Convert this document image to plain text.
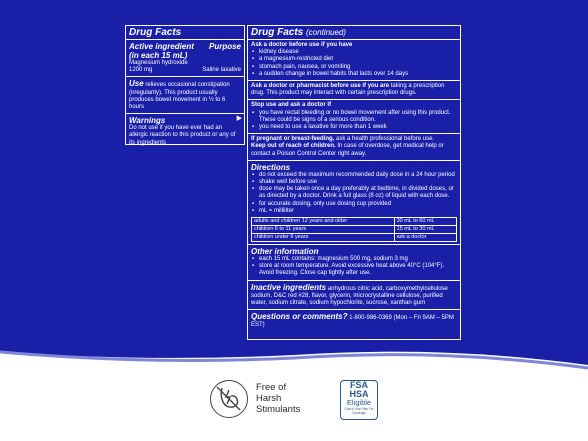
Drug Facts
Active ingredient Purpose
(in each 15 mL)
Magnesium hydroxide
1200 mg	Saline laxative
Use relieves occasional constipation (irregularity). This product usually produces bowel movement in ½ to 6 hours
Warnings	▶
Do not use if you have ever had an allergic reaction to this product or any of its ingredients
Drug Facts (continued)
Ask a doctor before use if you have
▪ kidney disease
▪ a magnesium-restricted diet
▪ stomach pain, nausea, or vomiting
▪ a sudden change in bowel habits that lasts over 14 days
Ask a doctor or pharmacist before use if you are taking a prescription drug. This product may interact with certain prescription drugs.
Stop use and ask a doctor if
▪ you have rectal bleeding or no bowel movement after using this product. These could be signs of a serious condition.
▪ you need to use a laxative for more than 1 week
If pregnant or breast-feeding, ask a health professional before use.
Keep out of reach of children. In case of overdose, get medical help or contact a Poison Control Center right away.
Directions
▪ do not exceed the maximum recommended daily dose in a 24 hour period
▪ shake well before use
▪ dose may be taken once a day preferably at bedtime, in divided doses, or as directed by a doctor. Drink a full glass (8 oz) of liquid with each dose.
▪ for accurate dosing, only use dosing cup provided
▪ mL = milliliter
adults and children 12 years and older	30 mL to 60 mL
children 6 to 11 years	15 mL to 30 mL
children under 6 years	ask a doctor
Other information
▪ each 15 mL contains: magnesium 500 mg, sodium 3 mg
▪ store at room temperature. Avoid excessive heat above 40°C (104°F). Avoid freezing. Close cap tightly after use.
Inactive ingredients anhydrous citric acid, carboxymethylcellulose sodium, D&C red #28, flavor, glycerin, microcrystalline cellulose, purified water, sodium citrate, sodium hypochlorite, sucrose, xanthan gum
Questions or comments? 1-800-986-0369 (Mon – Fri 9AM – 5PM EST)
Free of
Harsh
Stimulants
FSA
HSA
Eligible
Check Your Plan For Coverage
